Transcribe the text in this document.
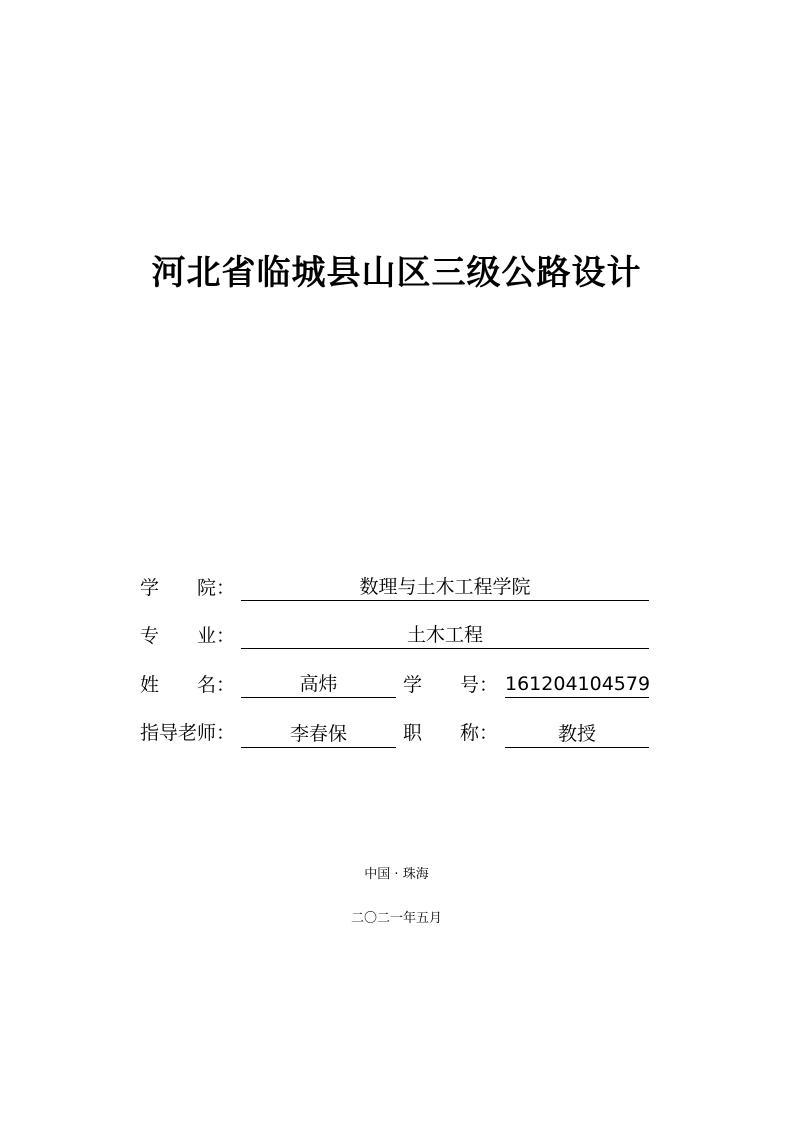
河北省临城县山区三级公路设计
学　　院：	数理与土木工程学院
专　　业：	土木工程
姓　　名：	高炜	学　　号： 161204104579
指导老师：	李春保	职　　称：	教授
中国 · 珠海
二〇二一年五月
